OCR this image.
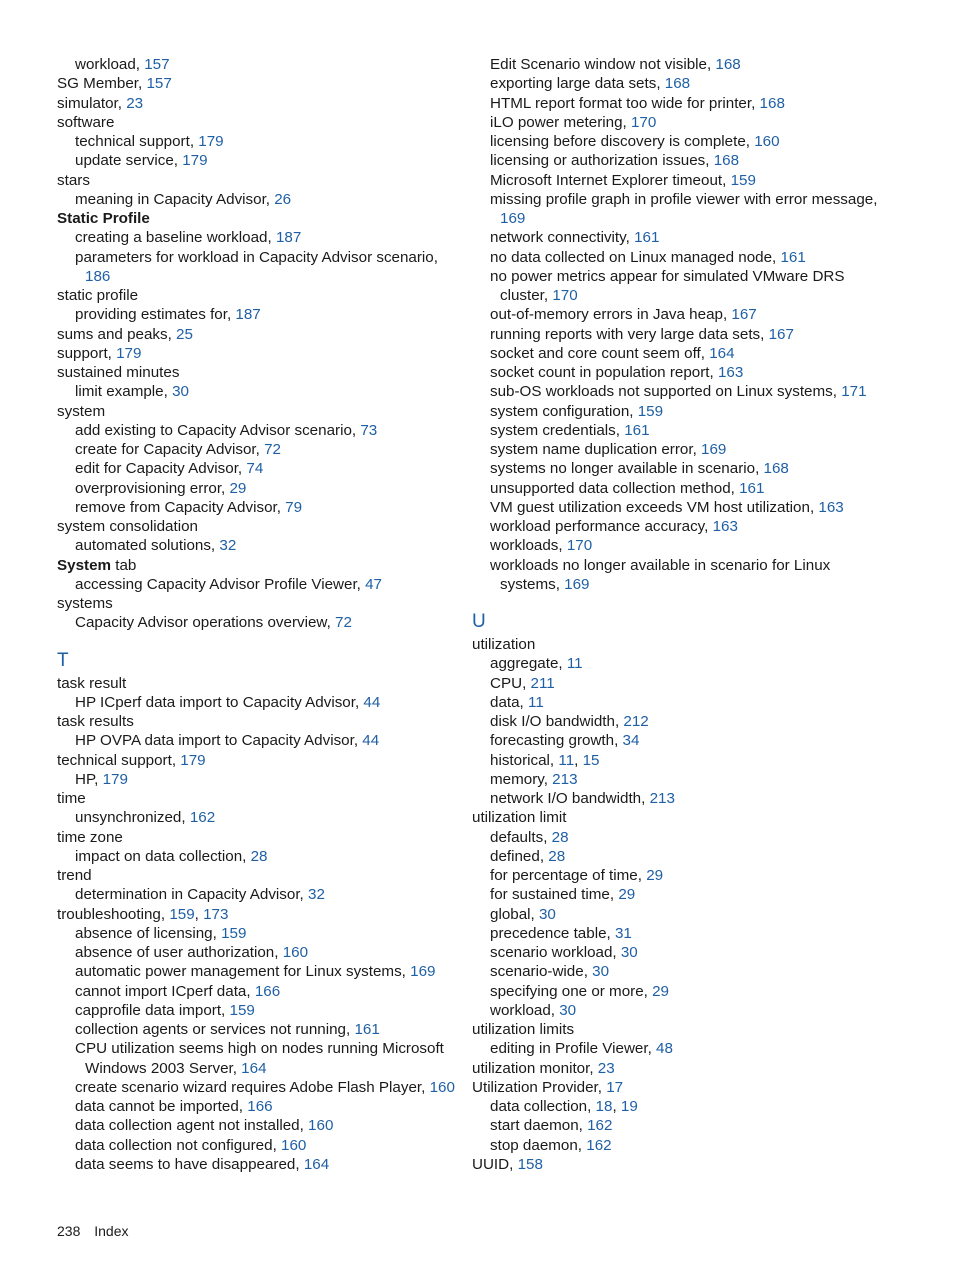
workload, 157
SG Member, 157
simulator, 23
software
technical support, 179
update service, 179
stars
meaning in Capacity Advisor, 26
Static Profile
creating a baseline workload, 187
parameters for workload in Capacity Advisor scenario, 186
static profile
providing estimates for, 187
sums and peaks, 25
support, 179
sustained minutes
limit example, 30
system
add existing to Capacity Advisor scenario, 73
create for Capacity Advisor, 72
edit for Capacity Advisor, 74
overprovisioning error, 29
remove from Capacity Advisor, 79
system consolidation
automated solutions, 32
System tab
accessing Capacity Advisor Profile Viewer, 47
systems
Capacity Advisor operations overview, 72
T
task result
HP ICperf data import to Capacity Advisor, 44
task results
HP OVPA data import to Capacity Advisor, 44
technical support, 179
HP, 179
time
unsynchronized, 162
time zone
impact on data collection, 28
trend
determination in Capacity Advisor, 32
troubleshooting, 159, 173
absence of licensing, 159
absence of user authorization, 160
automatic power management for Linux systems, 169
cannot import ICperf data, 166
capprofile data import, 159
collection agents or services not running, 161
CPU utilization seems high on nodes running Microsoft Windows 2003 Server, 164
create scenario wizard requires Adobe Flash Player, 160
data cannot be imported, 166
data collection agent not installed, 160
data collection not configured, 160
data seems to have disappeared, 164
Edit Scenario window not visible, 168
exporting large data sets, 168
HTML report format too wide for printer, 168
iLO power metering, 170
licensing before discovery is complete, 160
licensing or authorization issues, 168
Microsoft Internet Explorer timeout, 159
missing profile graph in profile viewer with error message, 169
network connectivity, 161
no data collected on Linux managed node, 161
no power metrics appear for simulated VMware DRS cluster, 170
out-of-memory errors in Java heap, 167
running reports with very large data sets, 167
socket and core count seem off, 164
socket count in population report, 163
sub-OS workloads not supported on Linux systems, 171
system configuration, 159
system credentials, 161
system name duplication error, 169
systems no longer available in scenario, 168
unsupported data collection method, 161
VM guest utilization exceeds VM host utilization, 163
workload performance accuracy, 163
workloads, 170
workloads no longer available in scenario for Linux systems, 169
U
utilization
aggregate, 11
CPU, 211
data, 11
disk I/O bandwidth, 212
forecasting growth, 34
historical, 11, 15
memory, 213
network I/O bandwidth, 213
utilization limit
defaults, 28
defined, 28
for percentage of time, 29
for sustained time, 29
global, 30
precedence table, 31
scenario workload, 30
scenario-wide, 30
specifying one or more, 29
workload, 30
utilization limits
editing in Profile Viewer, 48
utilization monitor, 23
Utilization Provider, 17
data collection, 18, 19
start daemon, 162
stop daemon, 162
UUID, 158
238 Index
